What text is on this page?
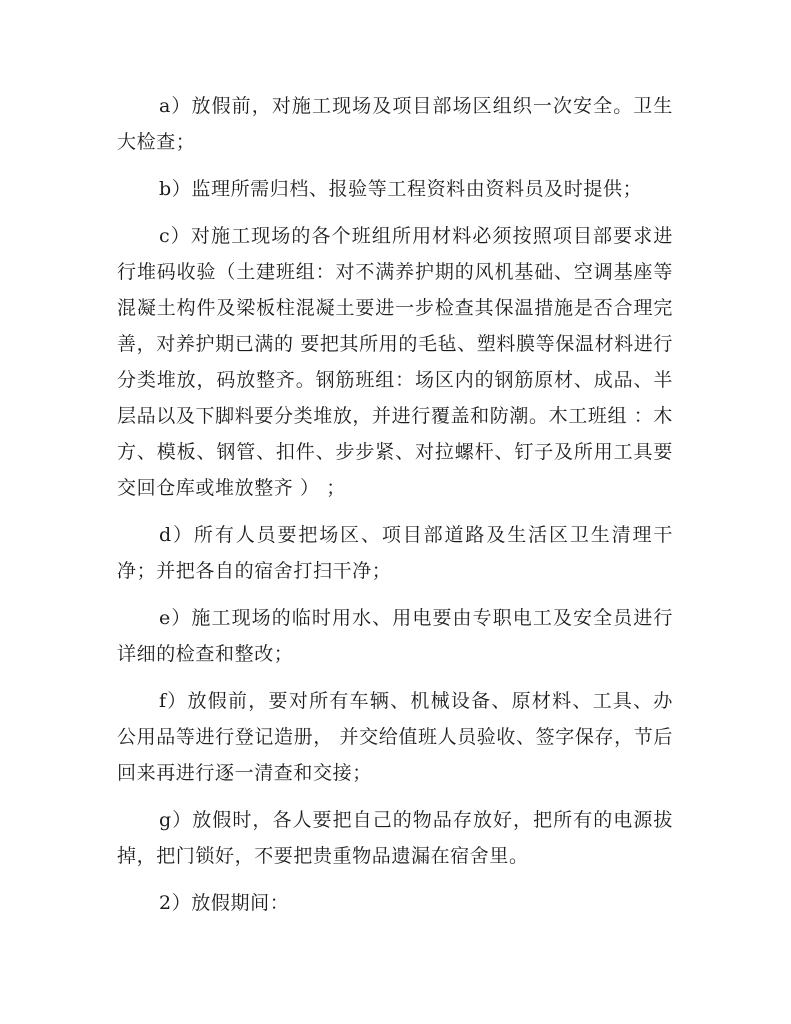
a）放假前，对施工现场及项目部场区组织一次安全。卫生大检查；

b）监理所需归档、报验等工程资料由资料员及时提供；

c）对施工现场的各个班组所用材料必须按照项目部要求进行堆码收验（土建班组：对不满养护期的风机基础、空调基座等混凝土构件及梁板柱混凝土要进一步检查其保温措施是否合理完善，对养护期已满的 要把其所用的毛毡、塑料膜等保温材料进行分类堆放，码放整齐。钢筋班组：场区内的钢筋原材、成品、半层品以及下脚料要分类堆放，并进行覆盖和防潮。木工班组 ：木方、模板、钢管、扣件、步步紧、对拉螺杆、钉子及所用工具要交回仓库或堆放整齐 ） ；

d）所有人员要把场区、项目部道路及生活区卫生清理干净；并把各自的宿舍打扫干净；

e）施工现场的临时用水、用电要由专职电工及安全员进行详细的检查和整改；

f）放假前，要对所有车辆、机械设备、原材料、工具、办公用品等进行登记造册， 并交给值班人员验收、签字保存，节后回来再进行逐一清查和交接；

g）放假时，各人要把自己的物品存放好，把所有的电源拔掉，把门锁好，不要把贵重物品遗漏在宿舍里。

2）放假期间：
